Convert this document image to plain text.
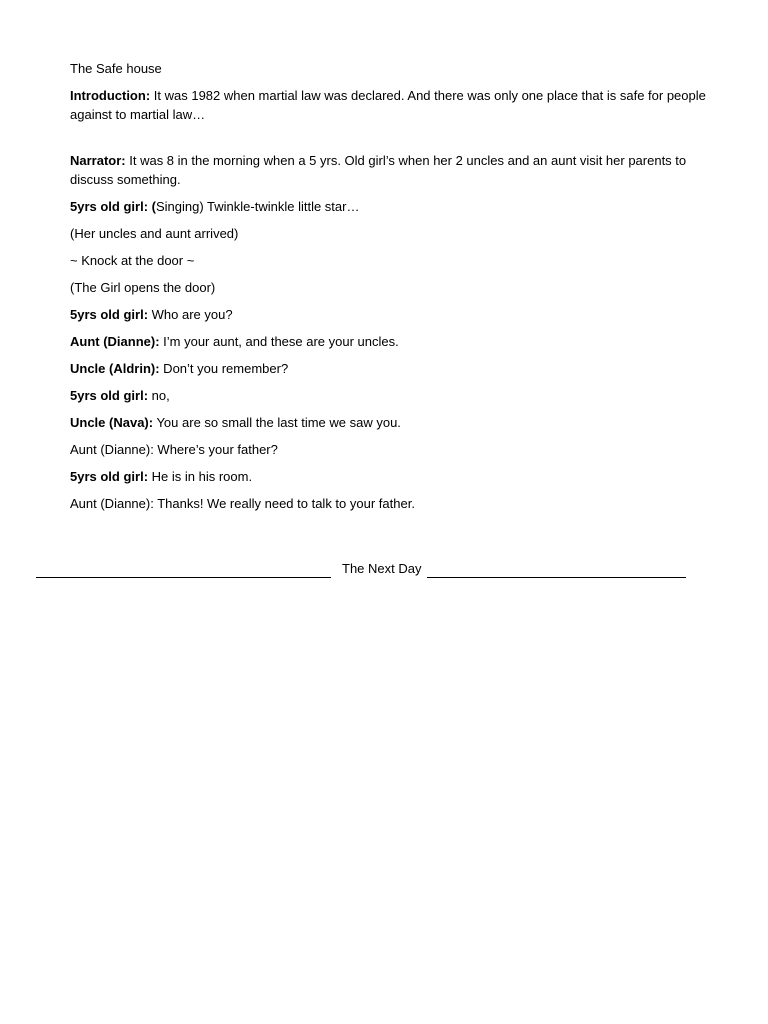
The Safe house

Introduction: It was 1982 when martial law was declared. And there was only one place that is safe for people against to martial law…

Narrator: It was 8 in the morning when a 5 yrs. Old girl’s when her 2 uncles and an aunt visit her parents to discuss something.

5yrs old girl: (Singing) Twinkle-twinkle little star…

(Her uncles and aunt arrived)

~ Knock at the door ~

(The Girl opens the door)

5yrs old girl: Who are you?

Aunt (Dianne): I’m your aunt, and these are your uncles.

Uncle (Aldrin): Don’t you remember?

5yrs old girl: no,

Uncle (Nava): You are so small the last time we saw you.

Aunt (Dianne): Where’s your father?

5yrs old girl: He is in his room.

Aunt (Dianne): Thanks! We really need to talk to your father.

The Next Day
